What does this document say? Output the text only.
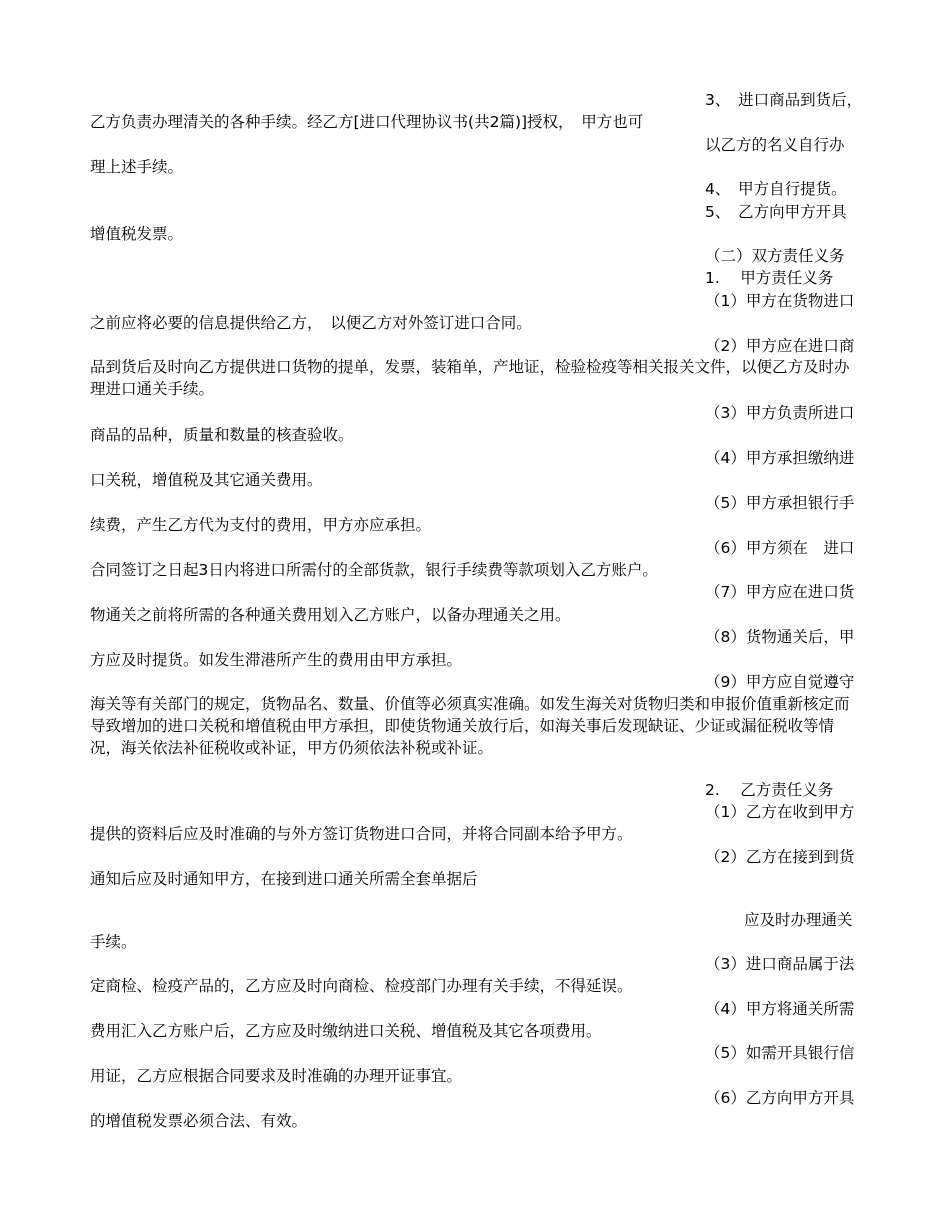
3、　进口商品到货后，

乙方负责办理清关的各种手续。经乙方[进口代理协议书(共2篇)]授权，　甲方也可

以乙方的名义自行办

理上述手续。

4、　甲方自行提货。

5、　乙方向甲方开具

增值税发票。

（二）双方责任义务

1.　 甲方责任义务

（1）甲方在货物进口

之前应将必要的信息提供给乙方，　以便乙方对外签订进口合同。

（2）甲方应在进口商

品到货后及时向乙方提供进口货物的提单，发票，装箱单，产地证，检验检疫等相关报关文件，以便乙方及时办理进口通关手续。

（3）甲方负责所进口

商品的品种，质量和数量的核查验收。

（4）甲方承担缴纳进

口关税，增值税及其它通关费用。

（5）甲方承担银行手

续费，产生乙方代为支付的费用，甲方亦应承担。

（6）甲方须在　进口

合同签订之日起3日内将进口所需付的全部货款，银行手续费等款项划入乙方账户。

（7）甲方应在进口货

物通关之前将所需的各种通关费用划入乙方账户，以备办理通关之用。

（8）货物通关后，甲

方应及时提货。如发生滞港所产生的费用由甲方承担。

（9）甲方应自觉遵守

海关等有关部门的规定，货物品名、数量、价值等必须真实准确。如发生海关对货物归类和申报价值重新核定而导致增加的进口关税和增值税由甲方承担，即使货物通关放行后，如海关事后发现缺证、少证或漏征税收等情况，海关依法补征税收或补证，甲方仍须依法补税或补证。

2.　 乙方责任义务

（1）乙方在收到甲方

提供的资料后应及时准确的与外方签订货物进口合同，并将合同副本给予甲方。

（2）乙方在接到到货

通知后应及时通知甲方，在接到进口通关所需全套单据后

应及时办理通关

手续。

（3）进口商品属于法

定商检、检疫产品的，乙方应及时向商检、检疫部门办理有关手续，不得延误。

（4）甲方将通关所需

费用汇入乙方账户后，乙方应及时缴纳进口关税、增值税及其它各项费用。

（5）如需开具银行信

用证，乙方应根据合同要求及时准确的办理开证事宜。

（6）乙方向甲方开具

的增值税发票必须合法、有效。
